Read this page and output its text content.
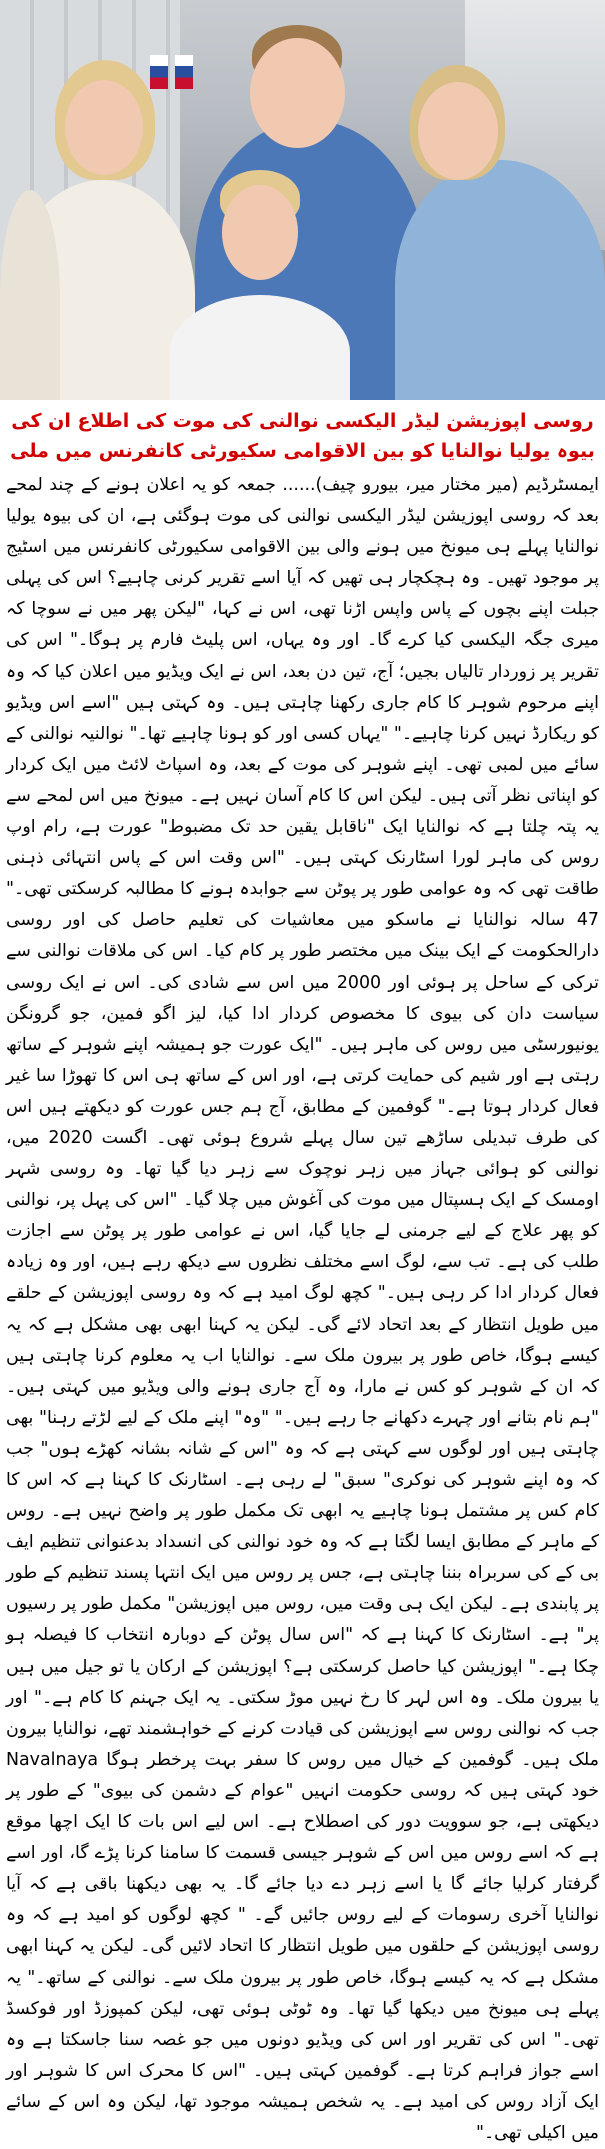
روسی اپوزیشن لیڈر الیکسی نوالنی کی موت کی اطلاع ان کی بیوہ یولیا نوالنایا کو بین الاقوامی سکیورٹی کانفرنس میں ملی

ایمسٹرڈیم (میر مختار میر، بیورو چیف)...... جمعہ کو یہ اعلان ہونے کے چند لمحے بعد کہ روسی اپوزیشن لیڈر الیکسی نوالنی کی موت ہوگئی ہے، ان کی بیوہ یولیا نوالنایا پہلے ہی میونخ میں ہونے والی بین الاقوامی سکیورٹی کانفرنس میں اسٹیج پر موجود تھیں۔ وہ ہچکچار ہی تھیں کہ آیا اسے تقریر کرنی چاہیے؟ اس کی پہلی جبلت اپنے بچوں کے پاس واپس اڑنا تھی، اس نے کہا، "لیکن پھر میں نے سوچا کہ میری جگہ الیکسی کیا کرے گا۔ اور وہ یہاں، اس پلیٹ فارم پر ہوگا۔" اس کی تقریر پر زوردار تالیاں بجیں؛ آج، تین دن بعد، اس نے ایک ویڈیو میں اعلان کیا کہ وہ اپنے مرحوم شوہر کا کام جاری رکھنا چاہتی ہیں۔ وہ کہتی ہیں "اسے اس ویڈیو کو ریکارڈ نہیں کرنا چاہیے۔" "یہاں کسی اور کو ہونا چاہیے تھا۔" نوالنیہ نوالنی کے سائے میں لمبی تھی۔ اپنے شوہر کی موت کے بعد، وہ اسپاٹ لائٹ میں ایک کردار کو اپناتی نظر آتی ہیں۔ لیکن اس کا کام آسان نہیں ہے۔ میونخ میں اس لمحے سے یہ پتہ چلتا ہے کہ نوالنایا ایک "ناقابل یقین حد تک مضبوط" عورت ہے، رام اوپ روس کی ماہر لورا اسٹارنک کہتی ہیں۔ "اس وقت اس کے پاس انتہائی ذہنی طاقت تھی کہ وہ عوامی طور پر پوٹن سے جوابدہ ہونے کا مطالبہ کرسکتی تھی۔" 47 سالہ نوالنایا نے ماسکو میں معاشیات کی تعلیم حاصل کی اور روسی دارالحکومت کے ایک بینک میں مختصر طور پر کام کیا۔ اس کی ملاقات نوالنی سے ترکی کے ساحل پر ہوئی اور 2000 میں اس سے شادی کی۔ اس نے ایک روسی سیاست دان کی بیوی کا مخصوص کردار ادا کیا، لیز اگو فمین، جو گرونگن یونیورسٹی میں روس کی ماہر ہیں۔ "ایک عورت جو ہمیشہ اپنے شوہر کے ساتھ رہتی ہے اور شیم کی حمایت کرتی ہے، اور اس کے ساتھ ہی اس کا تھوڑا سا غیر فعال کردار ہوتا ہے۔" گوفمین کے مطابق، آج ہم جس عورت کو دیکھتے ہیں اس کی طرف تبدیلی ساڑھے تین سال پہلے شروع ہوئی تھی۔ اگست 2020 میں، نوالنی کو ہوائی جہاز میں زہر نوچوک سے زہر دیا گیا تھا۔ وہ روسی شہر اومسک کے ایک ہسپتال میں موت کی آغوش میں چلا گیا۔ "اس کی پہل پر، نوالنی کو پھر علاج کے لیے جرمنی لے جایا گیا، اس نے عوامی طور پر پوٹن سے اجازت طلب کی ہے۔ تب سے، لوگ اسے مختلف نظروں سے دیکھ رہے ہیں، اور وہ زیادہ فعال کردار ادا کر رہی ہیں۔" کچھ لوگ امید ہے کہ وہ روسی اپوزیشن کے حلقے میں طویل انتظار کے بعد اتحاد لائے گی۔ لیکن یہ کہنا ابھی بھی مشکل ہے کہ یہ کیسے ہوگا، خاص طور پر بیرون ملک سے۔ نوالنایا اب یہ معلوم کرنا چاہتی ہیں کہ ان کے شوہر کو کس نے مارا، وہ آج جاری ہونے والی ویڈیو میں کہتی ہیں۔ "ہم نام بتانے اور چہرے دکھانے جا رہے ہیں۔" "وہ" اپنے ملک کے لیے لڑتے رہنا" بھی چاہتی ہیں اور لوگوں سے کہتی ہے کہ وہ "اس کے شانہ بشانہ کھڑے ہوں" جب کہ وہ اپنے شوہر کی نوکری" سبق" لے رہی ہے۔ اسٹارنک کا کہنا ہے کہ اس کا کام کس پر مشتمل ہونا چاہیے یہ ابھی تک مکمل طور پر واضح نہیں ہے۔ روس کے ماہر کے مطابق ایسا لگتا ہے کہ وہ خود نوالنی کی انسداد بدعنوانی تنظیم ایف بی کے کی سربراہ بننا چاہتی ہے، جس پر روس میں ایک انتہا پسند تنظیم کے طور پر پابندی ہے۔ لیکن ایک ہی وقت میں، روس میں اپوزیشن" مکمل طور پر رسیوں پر" ہے۔ اسٹارنک کا کہنا ہے کہ "اس سال پوٹن کے دوبارہ انتخاب کا فیصلہ ہو چکا ہے۔" اپوزیشن کیا حاصل کرسکتی ہے؟ اپوزیشن کے ارکان یا تو جیل میں ہیں یا بیرون ملک۔ وہ اس لہر کا رخ نہیں موڑ سکتی۔ یہ ایک جہنم کا کام ہے۔" اور جب کہ نوالنی روس سے اپوزیشن کی قیادت کرنے کے خواہشمند تھے، نوالنایا بیرون ملک ہیں۔ گوفمین کے خیال میں روس کا سفر بہت پرخطر ہوگا Navalnaya خود کہتی ہیں کہ روسی حکومت انہیں "عوام کے دشمن کی بیوی" کے طور پر دیکھتی ہے، جو سوویت دور کی اصطلاح ہے۔ اس لیے اس بات کا ایک اچھا موقع ہے کہ اسے روس میں اس کے شوہر جیسی قسمت کا سامنا کرنا پڑے گا، اور اسے گرفتار کرلیا جائے گا یا اسے زہر دے دیا جائے گا۔ یہ بھی دیکھنا باقی ہے کہ آیا نوالنایا آخری رسومات کے لیے روس جائیں گے۔ " کچھ لوگوں کو امید ہے کہ وہ روسی اپوزیشن کے حلقوں میں طویل انتظار کا اتحاد لائیں گی۔ لیکن یہ کہنا ابھی مشکل ہے کہ یہ کیسے ہوگا، خاص طور پر بیرون ملک سے۔ نوالنی کے ساتھ۔" یہ پہلے ہی میونخ میں دیکھا گیا تھا۔ وہ ٹوٹی ہوئی تھی، لیکن کمپوزڈ اور فوکسڈ تھی۔" اس کی تقریر اور اس کی ویڈیو دونوں میں جو غصہ سنا جاسکتا ہے وہ اسے جواز فراہم کرتا ہے۔ گوفمین کہتی ہیں۔ "اس کا محرک اس کا شوہر اور ایک آزاد روس کی امید ہے۔ یہ شخص ہمیشہ موجود تھا، لیکن وہ اس کے سائے میں اکیلی تھی۔"
